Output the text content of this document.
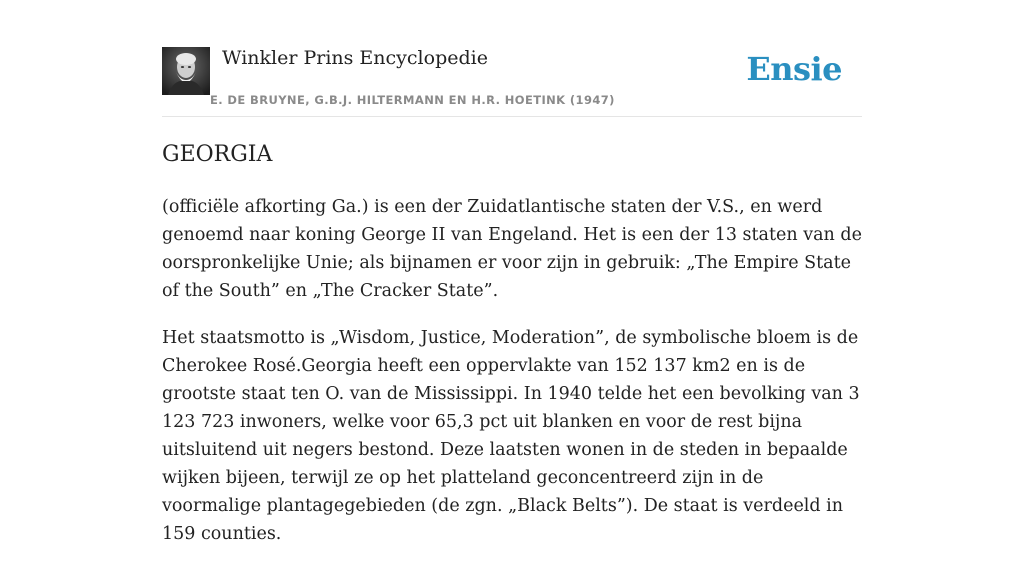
Winkler Prins Encyclopedie
E. DE BRUYNE, G.B.J. HILTERMANN EN H.R. HOETINK (1947)
Ensie
GEORGIA

(officiële afkorting Ga.) is een der Zuidatlantische staten der V.S., en werd genoemd naar koning George II van Engeland. Het is een der 13 staten van de oorspronkelijke Unie; als bijnamen er voor zijn in gebruik: „The Empire State of the South” en „The Cracker State”.

Het staatsmotto is „Wisdom, Justice, Moderation”, de symbolische bloem is de Cherokee Rosé.Georgia heeft een oppervlakte van 152 137 km2 en is de grootste staat ten O. van de Mississippi. In 1940 telde het een bevolking van 3 123 723 inwoners, welke voor 65,3 pct uit blanken en voor de rest bijna uitsluitend uit negers bestond. Deze laatsten wonen in de steden in bepaalde wijken bijeen, terwijl ze op het platteland geconcentreerd zijn in de voormalige plantagegebieden (de zgn. „Black Belts”). De staat is verdeeld in 159 counties.
